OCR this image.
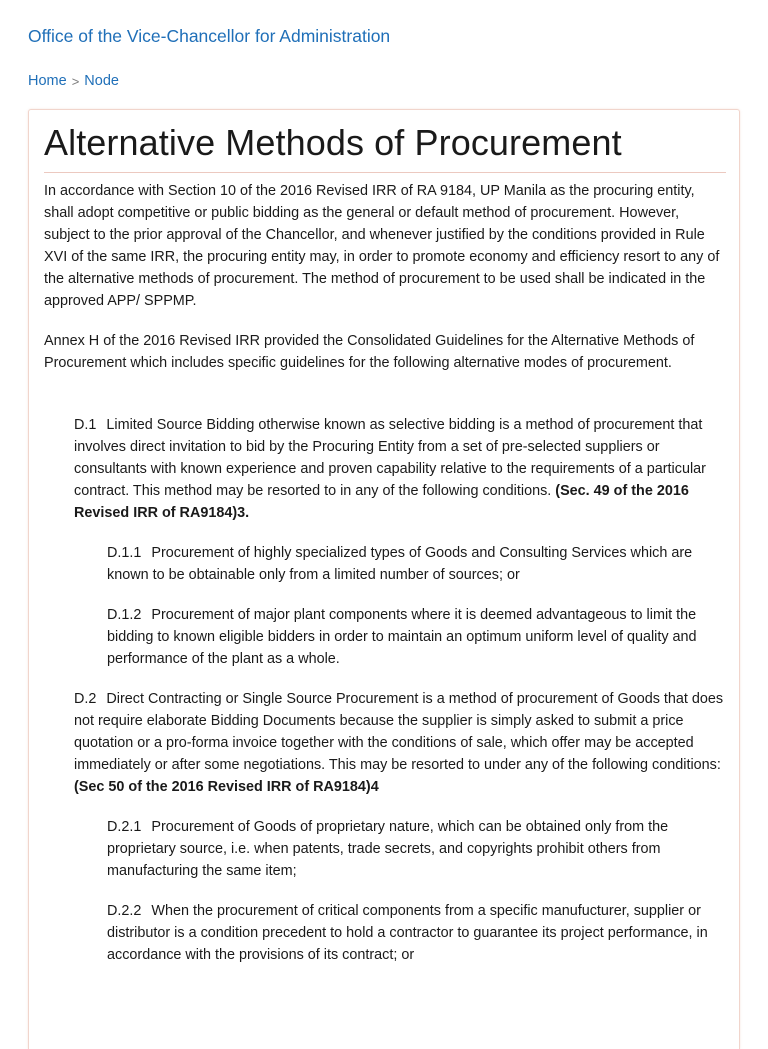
Office of the Vice-Chancellor for Administration
Home > Node
Alternative Methods of Procurement

In accordance with Section 10 of the 2016 Revised IRR of RA 9184, UP Manila as the procuring entity, shall adopt competitive or public bidding as the general or default method of procurement. However, subject to the prior approval of the Chancellor, and whenever justified by the conditions provided in Rule XVI of the same IRR, the procuring entity may, in order to promote economy and efficiency resort to any of the alternative methods of procurement. The method of procurement to be used shall be indicated in the approved APP/ SPPMP.

Annex H of the 2016 Revised IRR provided the Consolidated Guidelines for the Alternative Methods of Procurement which includes specific guidelines for the following alternative modes of procurement.

D.1 Limited Source Bidding otherwise known as selective bidding is a method of procurement that involves direct invitation to bid by the Procuring Entity from a set of pre-selected suppliers or consultants with known experience and proven capability relative to the requirements of a particular contract. This method may be resorted to in any of the following conditions. (Sec. 49 of the 2016 Revised IRR of RA9184)3.

D.1.1 Procurement of highly specialized types of Goods and Consulting Services which are known to be obtainable only from a limited number of sources; or

D.1.2 Procurement of major plant components where it is deemed advantageous to limit the bidding to known eligible bidders in order to maintain an optimum uniform level of quality and performance of the plant as a whole.

D.2 Direct Contracting or Single Source Procurement is a method of procurement of Goods that does not require elaborate Bidding Documents because the supplier is simply asked to submit a price quotation or a pro-forma invoice together with the conditions of sale, which offer may be accepted immediately or after some negotiations. This may be resorted to under any of the following conditions: (Sec 50 of the 2016 Revised IRR of RA9184)4

D.2.1 Procurement of Goods of proprietary nature, which can be obtained only from the proprietary source, i.e. when patents, trade secrets, and copyrights prohibit others from manufacturing the same item;

D.2.2 When the procurement of critical components from a specific manufucturer, supplier or distributor is a condition precedent to hold a contractor to guarantee its project performance, in accordance with the provisions of its contract; or
